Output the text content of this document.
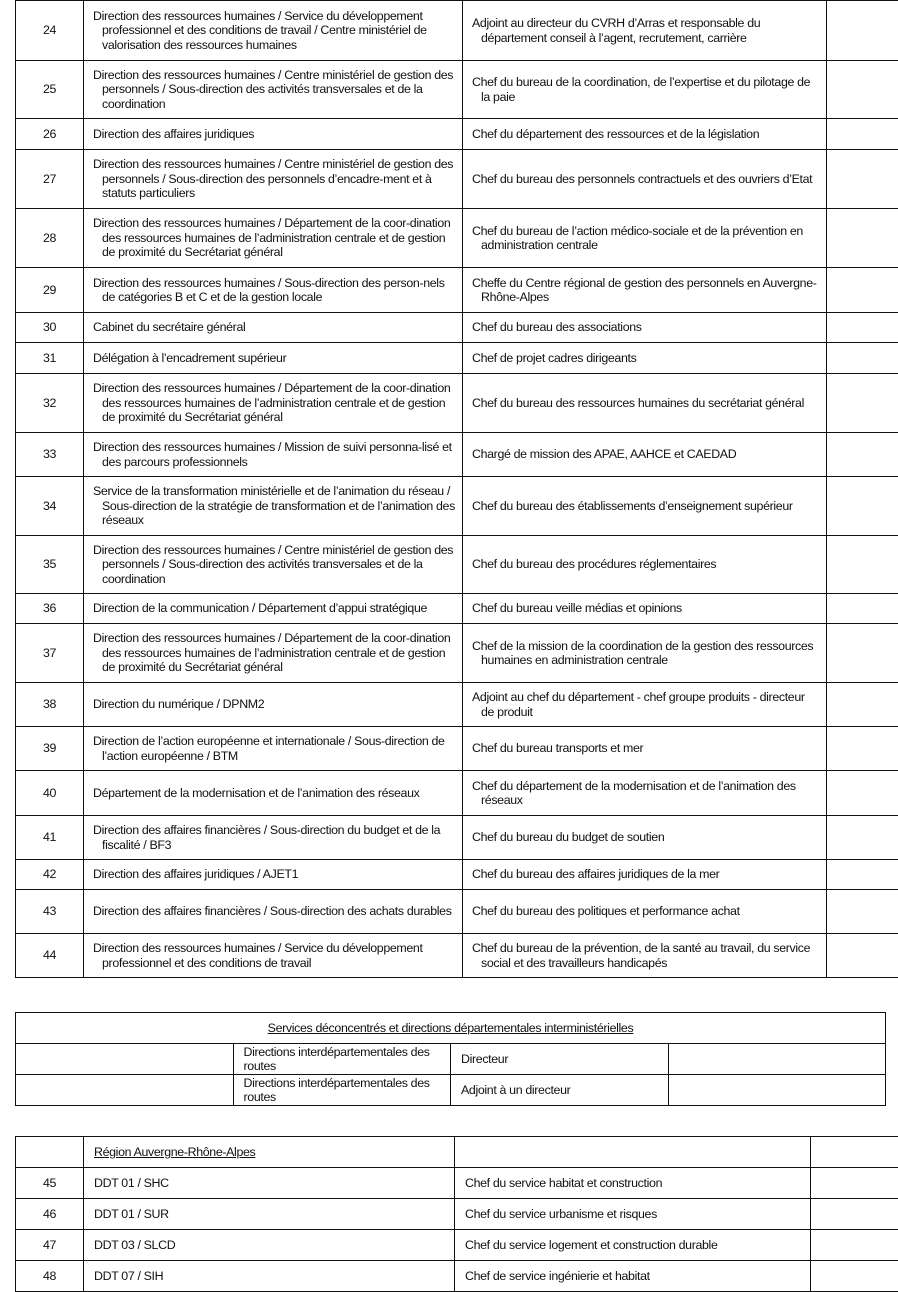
24	Direction des ressources humaines / Service du développement professionnel et des conditions de travail / Centre ministériel de valorisation des ressources humaines	Adjoint au directeur du CVRH d’Arras et responsable du département conseil à l’agent, recrutement, carrière	
25	Direction des ressources humaines / Centre ministériel de gestion des personnels / Sous-direction des activités transversales et de la coordination	Chef du bureau de la coordination, de l’expertise et du pilotage de la paie	
26	Direction des affaires juridiques	Chef du département des ressources et de la législation	
27	Direction des ressources humaines / Centre ministériel de gestion des personnels / Sous-direction des personnels d’encadre-ment et à statuts particuliers	Chef du bureau des personnels contractuels et des ouvriers d’Etat	
28	Direction des ressources humaines / Département de la coor-dination des ressources humaines de l’administration centrale et de gestion de proximité du Secrétariat général	Chef du bureau de l’action médico-sociale et de la prévention en administration centrale	
29	Direction des ressources humaines / Sous-direction des person-nels de catégories B et C et de la gestion locale	Cheffe du Centre régional de gestion des personnels en Auvergne-Rhône-Alpes	
30	Cabinet du secrétaire général	Chef du bureau des associations	
31	Délégation à l’encadrement supérieur	Chef de projet cadres dirigeants	
32	Direction des ressources humaines / Département de la coor-dination des ressources humaines de l’administration centrale et de gestion de proximité du Secrétariat général	Chef du bureau des ressources humaines du secrétariat général	
33	Direction des ressources humaines / Mission de suivi personna-lisé et des parcours professionnels	Chargé de mission des APAE, AAHCE et CAEDAD	
34	Service de la transformation ministérielle et de l’animation du réseau / Sous-direction de la stratégie de transformation et de l’animation des réseaux	Chef du bureau des établissements d’enseignement supérieur	
35	Direction des ressources humaines / Centre ministériel de gestion des personnels / Sous-direction des activités transversales et de la coordination	Chef du bureau des procédures réglementaires	
36	Direction de la communication / Département d’appui stratégique	Chef du bureau veille médias et opinions	
37	Direction des ressources humaines / Département de la coor-dination des ressources humaines de l’administration centrale et de gestion de proximité du Secrétariat général	Chef de la mission de la coordination de la gestion des ressources humaines en administration centrale	
38	Direction du numérique / DPNM2	Adjoint au chef du département - chef groupe produits - directeur de produit	
39	Direction de l’action européenne et internationale / Sous-direction de l’action européenne / BTM	Chef du bureau transports et mer	
40	Département de la modernisation et de l’animation des réseaux	Chef du département de la modernisation et de l’animation des réseaux	
41	Direction des affaires financières / Sous-direction du budget et de la fiscalité / BF3	Chef du bureau du budget de soutien	
42	Direction des affaires juridiques / AJET1	Chef du bureau des affaires juridiques de la mer	
43	Direction des affaires financières / Sous-direction des achats durables	Chef du bureau des politiques et performance achat	
44	Direction des ressources humaines / Service du développement professionnel et des conditions de travail	Chef du bureau de la prévention, de la santé au travail, du service social et des travailleurs handicapés	
Services déconcentrés et directions départementales interministérielles			
	Directions interdépartementales des routes	Directeur	
	Directions interdépartementales des routes	Adjoint à un directeur	
	Région Auvergne-Rhône-Alpes		
45	DDT 01 / SHC	Chef du service habitat et construction	
46	DDT 01 / SUR	Chef du service urbanisme et risques	
47	DDT 03 / SLCD	Chef du service logement et construction durable	
48	DDT 07 / SIH	Chef de service ingénierie et habitat	
